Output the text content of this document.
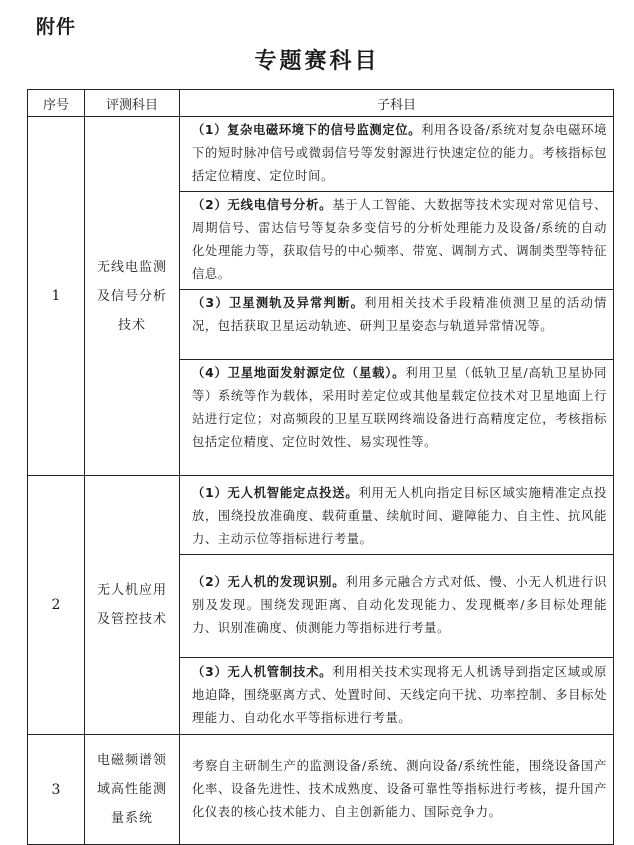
附件
专题赛科目
序号	评测科目	子科目
1	无线电监测及信号分析技术	（1）复杂电磁环境下的信号监测定位。利用各设备/系统对复杂电磁环境下的短时脉冲信号或微弱信号等发射源进行快速定位的能力。考核指标包括定位精度、定位时间。
		（2）无线电信号分析。基于人工智能、大数据等技术实现对常见信号、周期信号、雷达信号等复杂多变信号的分析处理能力及设备/系统的自动化处理能力等，获取信号的中心频率、带宽、调制方式、调制类型等特征信息。
		（3）卫星测轨及异常判断。利用相关技术手段精准侦测卫星的活动情况，包括获取卫星运动轨迹、研判卫星姿态与轨道异常情况等。
		（4）卫星地面发射源定位（星载）。利用卫星（低轨卫星/高轨卫星协同等）系统等作为载体，采用时差定位或其他星载定位技术对卫星地面上行站进行定位；对高频段的卫星互联网终端设备进行高精度定位，考核指标包括定位精度、定位时效性、易实现性等。
2	无人机应用及管控技术	（1）无人机智能定点投送。利用无人机向指定目标区域实施精准定点投放，围绕投放准确度、载荷重量、续航时间、避障能力、自主性、抗风能力、主动示位等指标进行考量。
		（2）无人机的发现识别。利用多元融合方式对低、慢、小无人机进行识别及发现。围绕发现距离、自动化发现能力、发现概率/多目标处理能力、识别准确度、侦测能力等指标进行考量。
		（3）无人机管制技术。利用相关技术实现将无人机诱导到指定区域或原地迫降，围绕驱离方式、处置时间、天线定向干扰、功率控制、多目标处理能力、自动化水平等指标进行考量。
3	电磁频谱领域高性能测量系统	考察自主研制生产的监测设备/系统、测向设备/系统性能，围绕设备国产化率、设备先进性、技术成熟度、设备可靠性等指标进行考核，提升国产化仪表的核心技术能力、自主创新能力、国际竞争力。
